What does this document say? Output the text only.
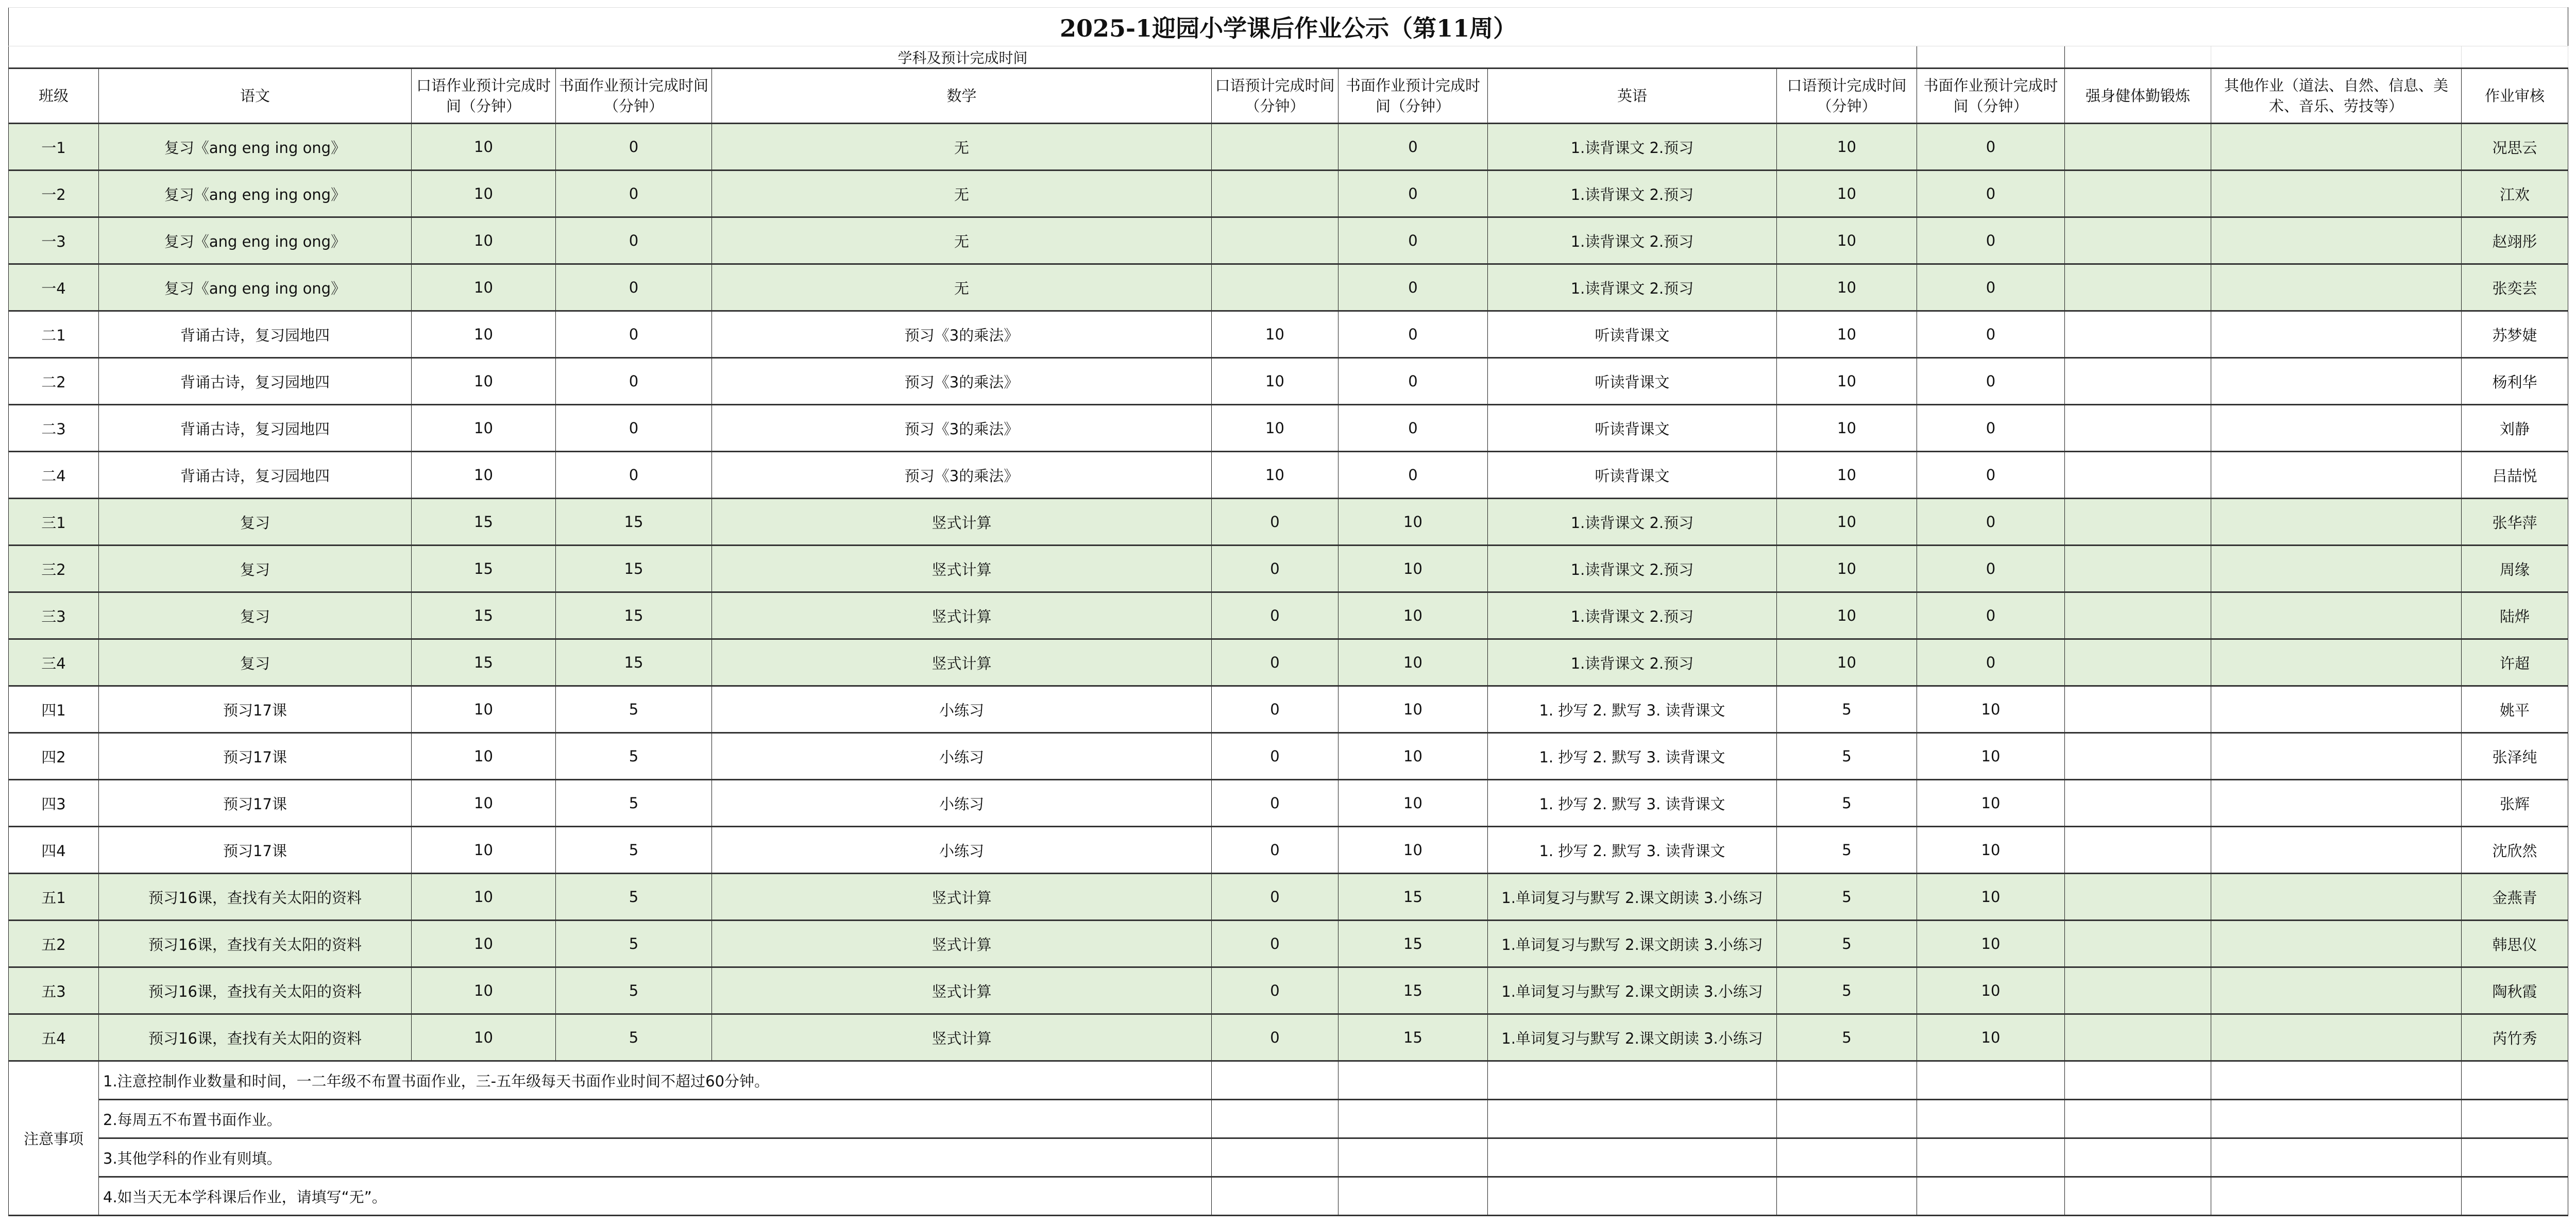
2025-1迎园小学课后作业公示（第11周）												
学科及预计完成时间												
班级	语文	口语作业预计完成时间（分钟）	书面作业预计完成时间（分钟）	数学	口语预计完成时间（分钟）	书面作业预计完成时间（分钟）	英语	口语预计完成时间（分钟）	书面作业预计完成时间（分钟）	强身健体勤锻炼	其他作业（道法、自然、信息、美术、音乐、劳技等）	作业审核
一1	复习《ang eng ing ong》	10	0	无		0	1.读背课文 2.预习	10	0			况思云
一2	复习《ang eng ing ong》	10	0	无		0	1.读背课文 2.预习	10	0			江欢
一3	复习《ang eng ing ong》	10	0	无		0	1.读背课文 2.预习	10	0			赵翊彤
一4	复习《ang eng ing ong》	10	0	无		0	1.读背课文 2.预习	10	0			张奕芸
二1	背诵古诗，复习园地四	10	0	预习《3的乘法》	10	0	听读背课文	10	0			苏梦婕
二2	背诵古诗，复习园地四	10	0	预习《3的乘法》	10	0	听读背课文	10	0			杨利华
二3	背诵古诗，复习园地四	10	0	预习《3的乘法》	10	0	听读背课文	10	0			刘静
二4	背诵古诗，复习园地四	10	0	预习《3的乘法》	10	0	听读背课文	10	0			吕喆悦
三1	复习	15	15	竖式计算	0	10	1.读背课文 2.预习	10	0			张华萍
三2	复习	15	15	竖式计算	0	10	1.读背课文 2.预习	10	0			周缘
三3	复习	15	15	竖式计算	0	10	1.读背课文 2.预习	10	0			陆烨
三4	复习	15	15	竖式计算	0	10	1.读背课文 2.预习	10	0			许超
四1	预习17课	10	5	小练习	0	10	1. 抄写 2. 默写 3. 读背课文	5	10			姚平
四2	预习17课	10	5	小练习	0	10	1. 抄写 2. 默写 3. 读背课文	5	10			张泽纯
四3	预习17课	10	5	小练习	0	10	1. 抄写 2. 默写 3. 读背课文	5	10			张辉
四4	预习17课	10	5	小练习	0	10	1. 抄写 2. 默写 3. 读背课文	5	10			沈欣然
五1	预习16课，查找有关太阳的资料	10	5	竖式计算	0	15	1.单词复习与默写 2.课文朗读 3.小练习	5	10			金燕青
五2	预习16课，查找有关太阳的资料	10	5	竖式计算	0	15	1.单词复习与默写 2.课文朗读 3.小练习	5	10			韩思仪
五3	预习16课，查找有关太阳的资料	10	5	竖式计算	0	15	1.单词复习与默写 2.课文朗读 3.小练习	5	10			陶秋霞
五4	预习16课，查找有关太阳的资料	10	5	竖式计算	0	15	1.单词复习与默写 2.课文朗读 3.小练习	5	10			芮竹秀
注意事项	1.注意控制作业数量和时间，一二年级不布置书面作业，三-五年级每天书面作业时间不超过60分钟。											
	2.每周五不布置书面作业。											
	3.其他学科的作业有则填。											
	4.如当天无本学科课后作业，请填写“无”。											
